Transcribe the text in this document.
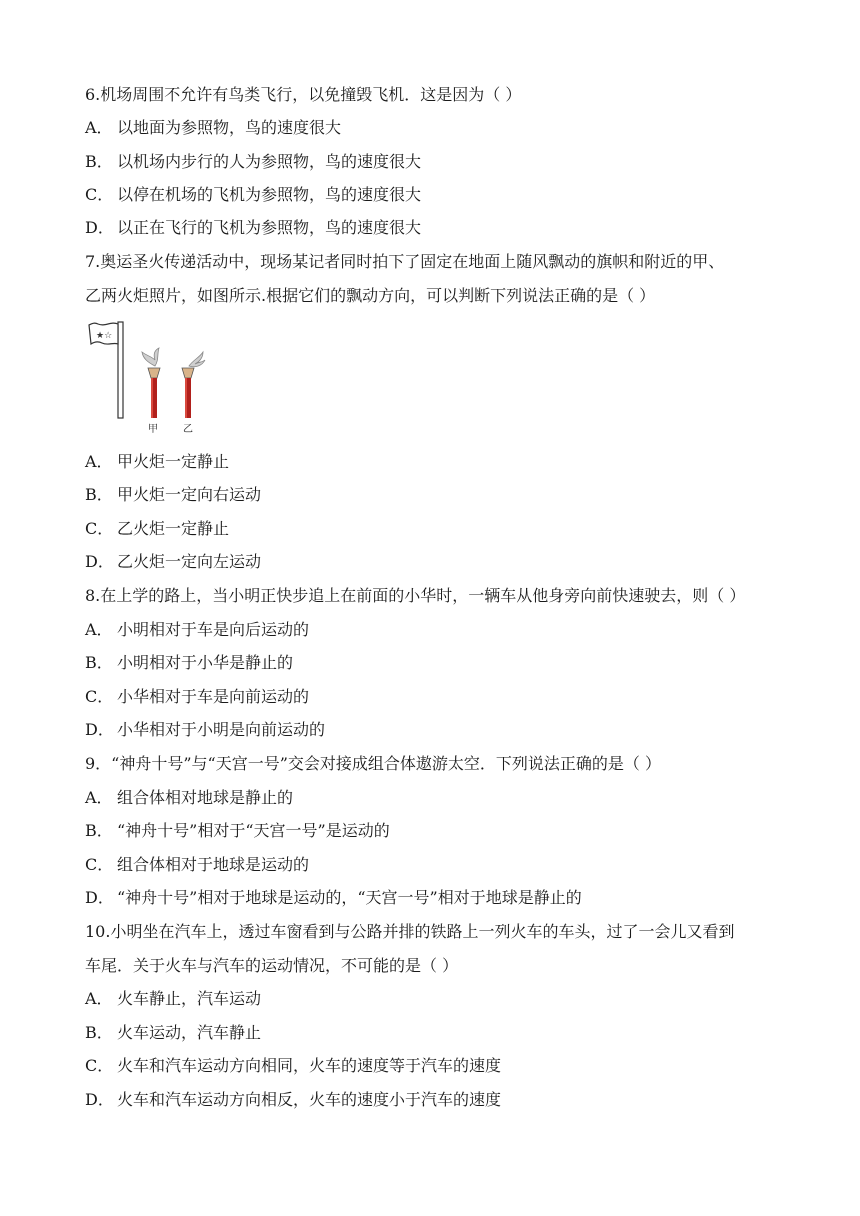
6.机场周围不允许有鸟类飞行，以免撞毁飞机．这是因为（ ）
A． 以地面为参照物，鸟的速度很大
B． 以机场内步行的人为参照物，鸟的速度很大
C． 以停在机场的飞机为参照物，鸟的速度很大
D． 以正在飞行的飞机为参照物，鸟的速度很大
7.奥运圣火传递活动中，现场某记者同时拍下了固定在地面上随风飘动的旗帜和附近的甲、
乙两火炬照片，如图所示.根据它们的飘动方向，可以判断下列说法正确的是（ ）
★☆
甲	乙
A． 甲火炬一定静止
B． 甲火炬一定向右运动
C． 乙火炬一定静止
D． 乙火炬一定向左运动
8.在上学的路上，当小明正快步追上在前面的小华时，一辆车从他身旁向前快速驶去，则（ ）
A． 小明相对于车是向后运动的
B． 小明相对于小华是静止的
C． 小华相对于车是向前运动的
D． 小华相对于小明是向前运动的
9．“神舟十号”与“天宫一号”交会对接成组合体遨游太空．下列说法正确的是（ ）
A． 组合体相对地球是静止的
B． “神舟十号”相对于“天宫一号”是运动的
C． 组合体相对于地球是运动的
D． “神舟十号”相对于地球是运动的，“天宫一号”相对于地球是静止的
10.小明坐在汽车上，透过车窗看到与公路并排的铁路上一列火车的车头，过了一会儿又看到
车尾．关于火车与汽车的运动情况，不可能的是（ ）
A． 火车静止，汽车运动
B． 火车运动，汽车静止
C． 火车和汽车运动方向相同，火车的速度等于汽车的速度
D． 火车和汽车运动方向相反，火车的速度小于汽车的速度
